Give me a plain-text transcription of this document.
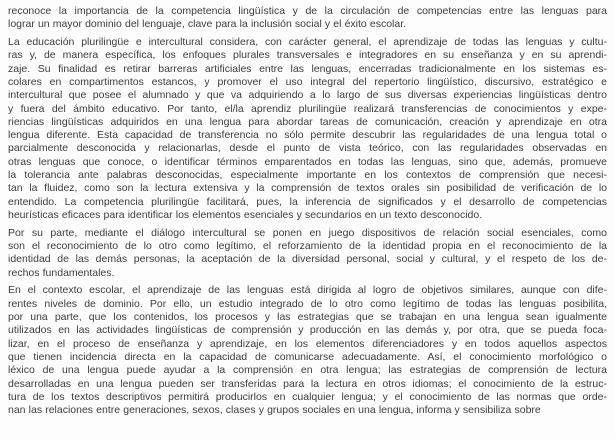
reconoce la importancia de la competencia lingüística y de la circulación de competencias entre las lenguas para
lograr un mayor dominio del lenguaje, clave para la inclusión social y el éxito escolar.

La educación plurilingüe e intercultural considera, con carácter general, el aprendizaje de todas las lenguas y cultu-
ras y, de manera específica, los enfoques plurales transversales e integradores en su enseñanza y en su aprendi-
zaje. Su finalidad es retirar barreras artificiales entre las lenguas, encerradas tradicionalmente en los sistemas es-
colares en compartimentos estancos, y promover el uso integral del repertorio lingüístico, discursivo, estratégico e
intercultural que posee el alumnado y que va adquiriendo a lo largo de sus diversas experiencias lingüísticas dentro
y fuera del ámbito educativo. Por tanto, el/la aprendiz plurilingüe realizará transferencias de conocimientos y expe-
riencias lingüísticas adquiridos en una lengua para abordar tareas de comunicación, creación y aprendizaje en otra
lengua diferente. Esta capacidad de transferencia no sólo permite descubrir las regularidades de una lengua total o
parcialmente desconocida y relacionarlas, desde el punto de vista teórico, con las regularidades observadas en
otras lenguas que conoce, o identificar términos emparentados en todas las lenguas, sino que, además, promueve
la tolerancia ante palabras desconocidas, especialmente importante en los contextos de comprensión que necesi-
tan la fluidez, como son la lectura extensiva y la comprensión de textos orales sin posibilidad de verificación de lo
entendido. La competencia plurilingüe facilitará, pues, la inferencia de significados y el desarrollo de competencias
heurísticas eficaces para identificar los elementos esenciales y secundarios en un texto desconocido.

Por su parte, mediante el diálogo intercultural se ponen en juego dispositivos de relación social esenciales, como
son el reconocimiento de lo otro como legítimo, el reforzamiento de la identidad propia en el reconocimiento de la
identidad de las demás personas, la aceptación de la diversidad personal, social y cultural, y el respeto de los de-
rechos fundamentales.

En el contexto escolar, el aprendizaje de las lenguas está dirigida al logro de objetivos similares, aunque con dife-
rentes niveles de dominio. Por ello, un estudio integrado de lo otro como legítimo de todas las lenguas posibilita,
por una parte, que los contenidos, los procesos y las estrategias que se trabajan en una lengua sean igualmente
utilizados en las actividades lingüísticas de comprensión y producción en las demás y, por otra, que se pueda foca-
lizar, en el proceso de enseñanza y aprendizaje, en los elementos diferenciadores y en todos aquellos aspectos
que tienen incidencia directa en la capacidad de comunicarse adecuadamente. Así, el conocimiento morfológico o
léxico de una lengua puede ayudar a la comprensión en otra lengua; las estrategias de comprensión de lectura
desarrolladas en una lengua pueden ser transferidas para la lectura en otros idiomas; el conocimiento de la estruc-
tura de los textos descriptivos permitirá producirlos en cualquier lengua; y el conocimiento de las normas que orde-
nan las relaciones entre generaciones, sexos, clases y grupos sociales en una lengua, informa y sensibiliza sobre
